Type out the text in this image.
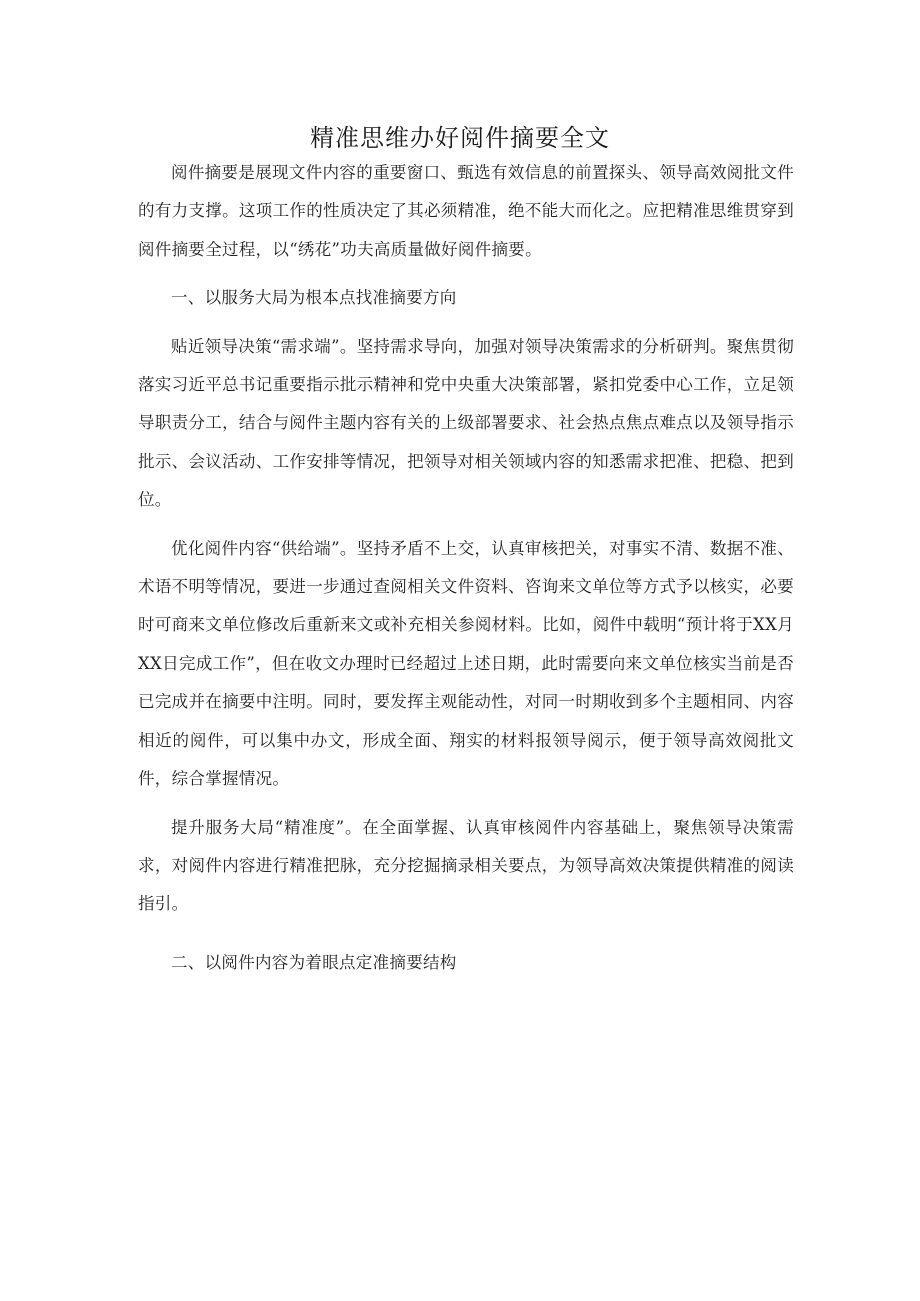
精准思维办好阅件摘要全文

阅件摘要是展现文件内容的重要窗口、甄选有效信息的前置探头、领导高效阅批文件的有力支撑。这项工作的性质决定了其必须精准，绝不能大而化之。应把精准思维贯穿到阅件摘要全过程，以“绣花”功夫高质量做好阅件摘要。

一、以服务大局为根本点找准摘要方向

贴近领导决策“需求端”。坚持需求导向，加强对领导决策需求的分析研判。聚焦贯彻落实习近平总书记重要指示批示精神和党中央重大决策部署，紧扣党委中心工作，立足领导职责分工，结合与阅件主题内容有关的上级部署要求、社会热点焦点难点以及领导指示批示、会议活动、工作安排等情况，把领导对相关领域内容的知悉需求把准、把稳、把到位。

优化阅件内容“供给端”。坚持矛盾不上交，认真审核把关，对事实不清、数据不准、术语不明等情况，要进一步通过查阅相关文件资料、咨询来文单位等方式予以核实，必要时可商来文单位修改后重新来文或补充相关参阅材料。比如，阅件中载明“预计将于XX月XX日完成工作”，但在收文办理时已经超过上述日期，此时需要向来文单位核实当前是否已完成并在摘要中注明。同时，要发挥主观能动性，对同一时期收到多个主题相同、内容相近的阅件，可以集中办文，形成全面、翔实的材料报领导阅示，便于领导高效阅批文件，综合掌握情况。

提升服务大局“精准度”。在全面掌握、认真审核阅件内容基础上，聚焦领导决策需求，对阅件内容进行精准把脉，充分挖掘摘录相关要点，为领导高效决策提供精准的阅读指引。

二、以阅件内容为着眼点定准摘要结构
